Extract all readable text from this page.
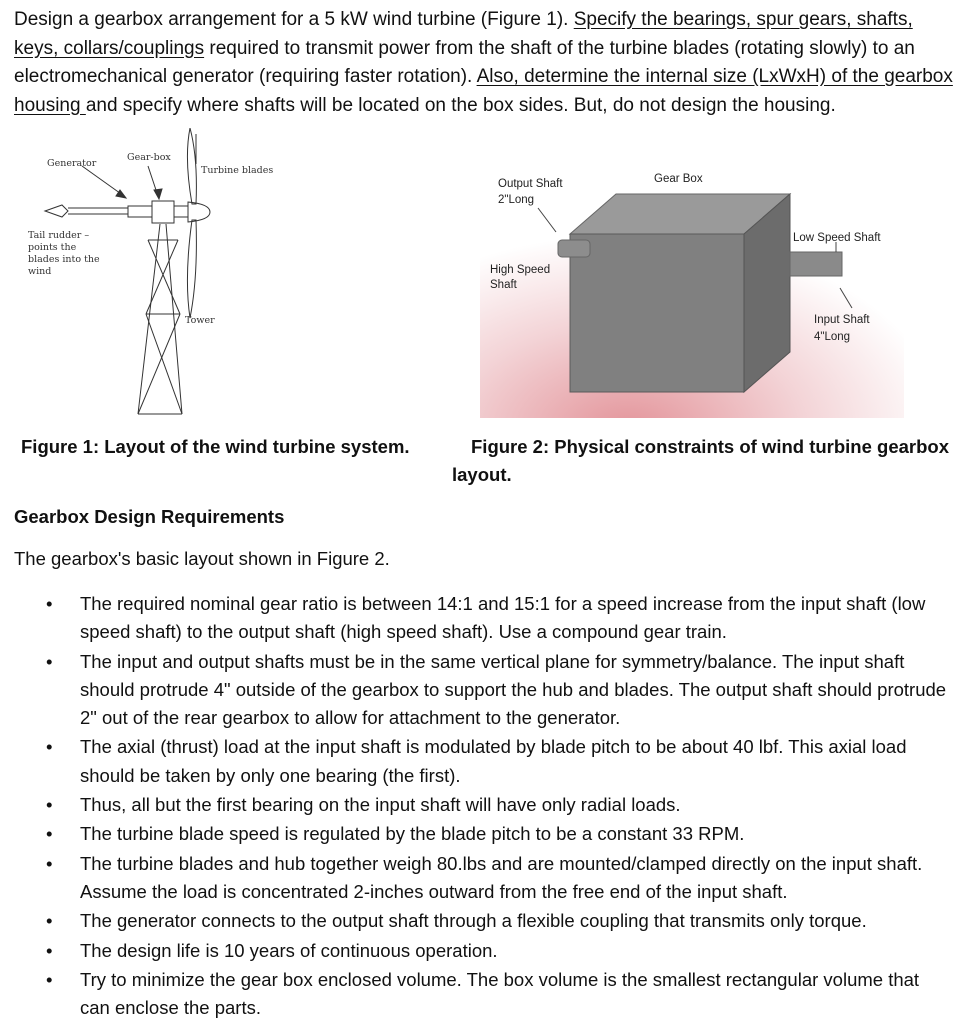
Design a gearbox arrangement for a 5 kW wind turbine (Figure 1). Specify the bearings, spur gears, shafts, keys, collars/couplings required to transmit power from the shaft of the turbine blades (rotating slowly) to an electromechanical generator (requiring faster rotation). Also, determine the internal size (LxWxH) of the gearbox housing and specify where shafts will be located on the box sides. But, do not design the housing.
Generator
Gear-box
Turbine blades
Tail rudder –
points the
blades into the
wind
Tower
Gear Box
Output Shaft
2"Long
High Speed
Shaft
Low Speed Shaft
Input Shaft
4"Long
Figure 1: Layout of the wind turbine system.	Figure 2: Physical constraints of wind turbine gearbox
layout.
Gearbox Design Requirements
The gearbox's basic layout shown in Figure 2.
• The required nominal gear ratio is between 14:1 and 15:1 for a speed increase from the input shaft (low speed shaft) to the output shaft (high speed shaft). Use a compound gear train.
• The input and output shafts must be in the same vertical plane for symmetry/balance. The input shaft should protrude 4" outside of the gearbox to support the hub and blades. The output shaft should protrude 2" out of the rear gearbox to allow for attachment to the generator.
• The axial (thrust) load at the input shaft is modulated by blade pitch to be about 40 lbf. This axial load should be taken by only one bearing (the first).
• Thus, all but the first bearing on the input shaft will have only radial loads.
• The turbine blade speed is regulated by the blade pitch to be a constant 33 RPM.
• The turbine blades and hub together weigh 80.lbs and are mounted/clamped directly on the input shaft. Assume the load is concentrated 2-inches outward from the free end of the input shaft.
• The generator connects to the output shaft through a flexible coupling that transmits only torque.
• The design life is 10 years of continuous operation.
• Try to minimize the gear box enclosed volume. The box volume is the smallest rectangular volume that can enclose the parts.
